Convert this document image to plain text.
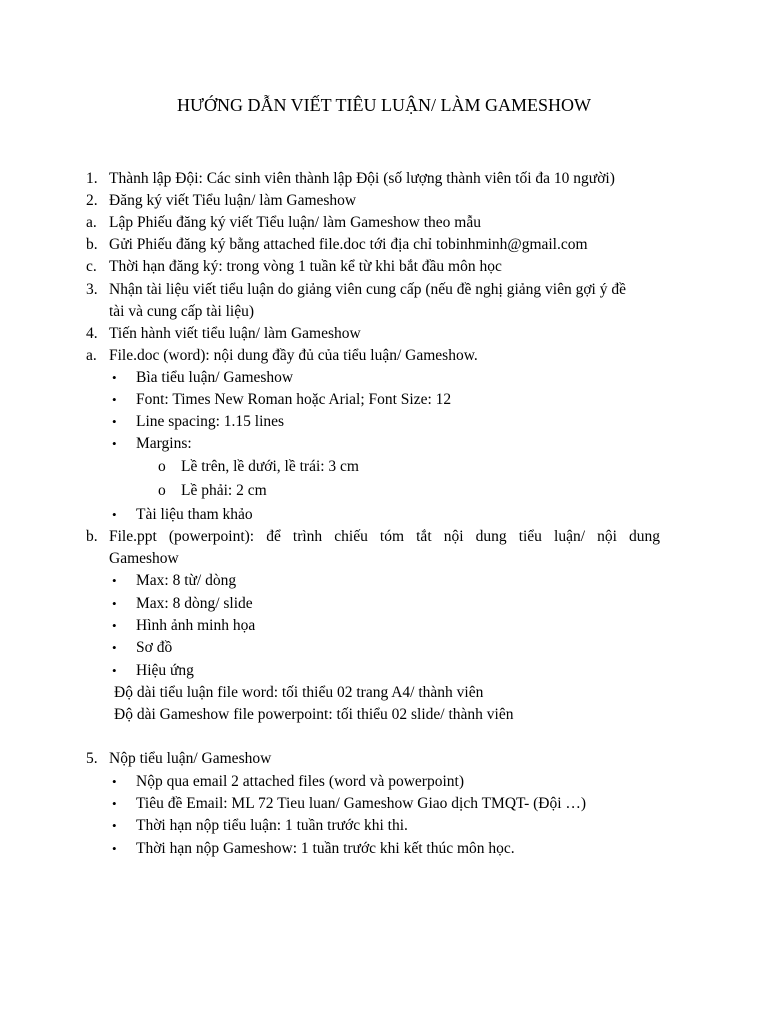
HƯỚNG DẪN VIẾT TIÊU LUẬN/ LÀM GAMESHOW
1. Thành lập Đội: Các sinh viên thành lập Đội (số lượng thành viên tối đa 10 người)
2. Đăng ký viết Tiểu luận/ làm Gameshow
a. Lập Phiếu đăng ký viết Tiểu luận/ làm Gameshow theo mẫu
b. Gửi Phiếu đăng ký bằng attached file.doc tới địa chỉ tobinhminh@gmail.com
c. Thời hạn đăng ký: trong vòng 1 tuần kể từ khi bắt đầu môn học
3. Nhận tài liệu viết tiểu luận do giảng viên cung cấp (nếu đề nghị giảng viên gợi ý đề
tài và cung cấp tài liệu)
4. Tiến hành viết tiểu luận/ làm Gameshow
a. File.doc (word): nội dung đầy đủ của tiểu luận/ Gameshow.
• Bìa tiểu luận/ Gameshow
• Font: Times New Roman hoặc Arial; Font Size: 12
• Line spacing: 1.15 lines
• Margins:
o Lề trên, lề dưới, lề trái: 3 cm
o Lề phải: 2 cm
• Tài liệu tham khảo
b. File.ppt (powerpoint): để trình chiếu tóm tắt nội dung tiểu luận/ nội dung
Gameshow
• Max: 8 từ/ dòng
• Max: 8 dòng/ slide
• Hình ảnh minh họa
• Sơ đồ
• Hiệu ứng
Độ dài tiểu luận file word: tối thiểu 02 trang A4/ thành viên
Độ dài Gameshow file powerpoint: tối thiểu 02 slide/ thành viên
5. Nộp tiểu luận/ Gameshow
• Nộp qua email 2 attached files (word và powerpoint)
• Tiêu đề Email: ML 72 Tieu luan/ Gameshow Giao dịch TMQT- (Đội …)
• Thời hạn nộp tiểu luận: 1 tuần trước khi thi.
• Thời hạn nộp Gameshow: 1 tuần trước khi kết thúc môn học.
